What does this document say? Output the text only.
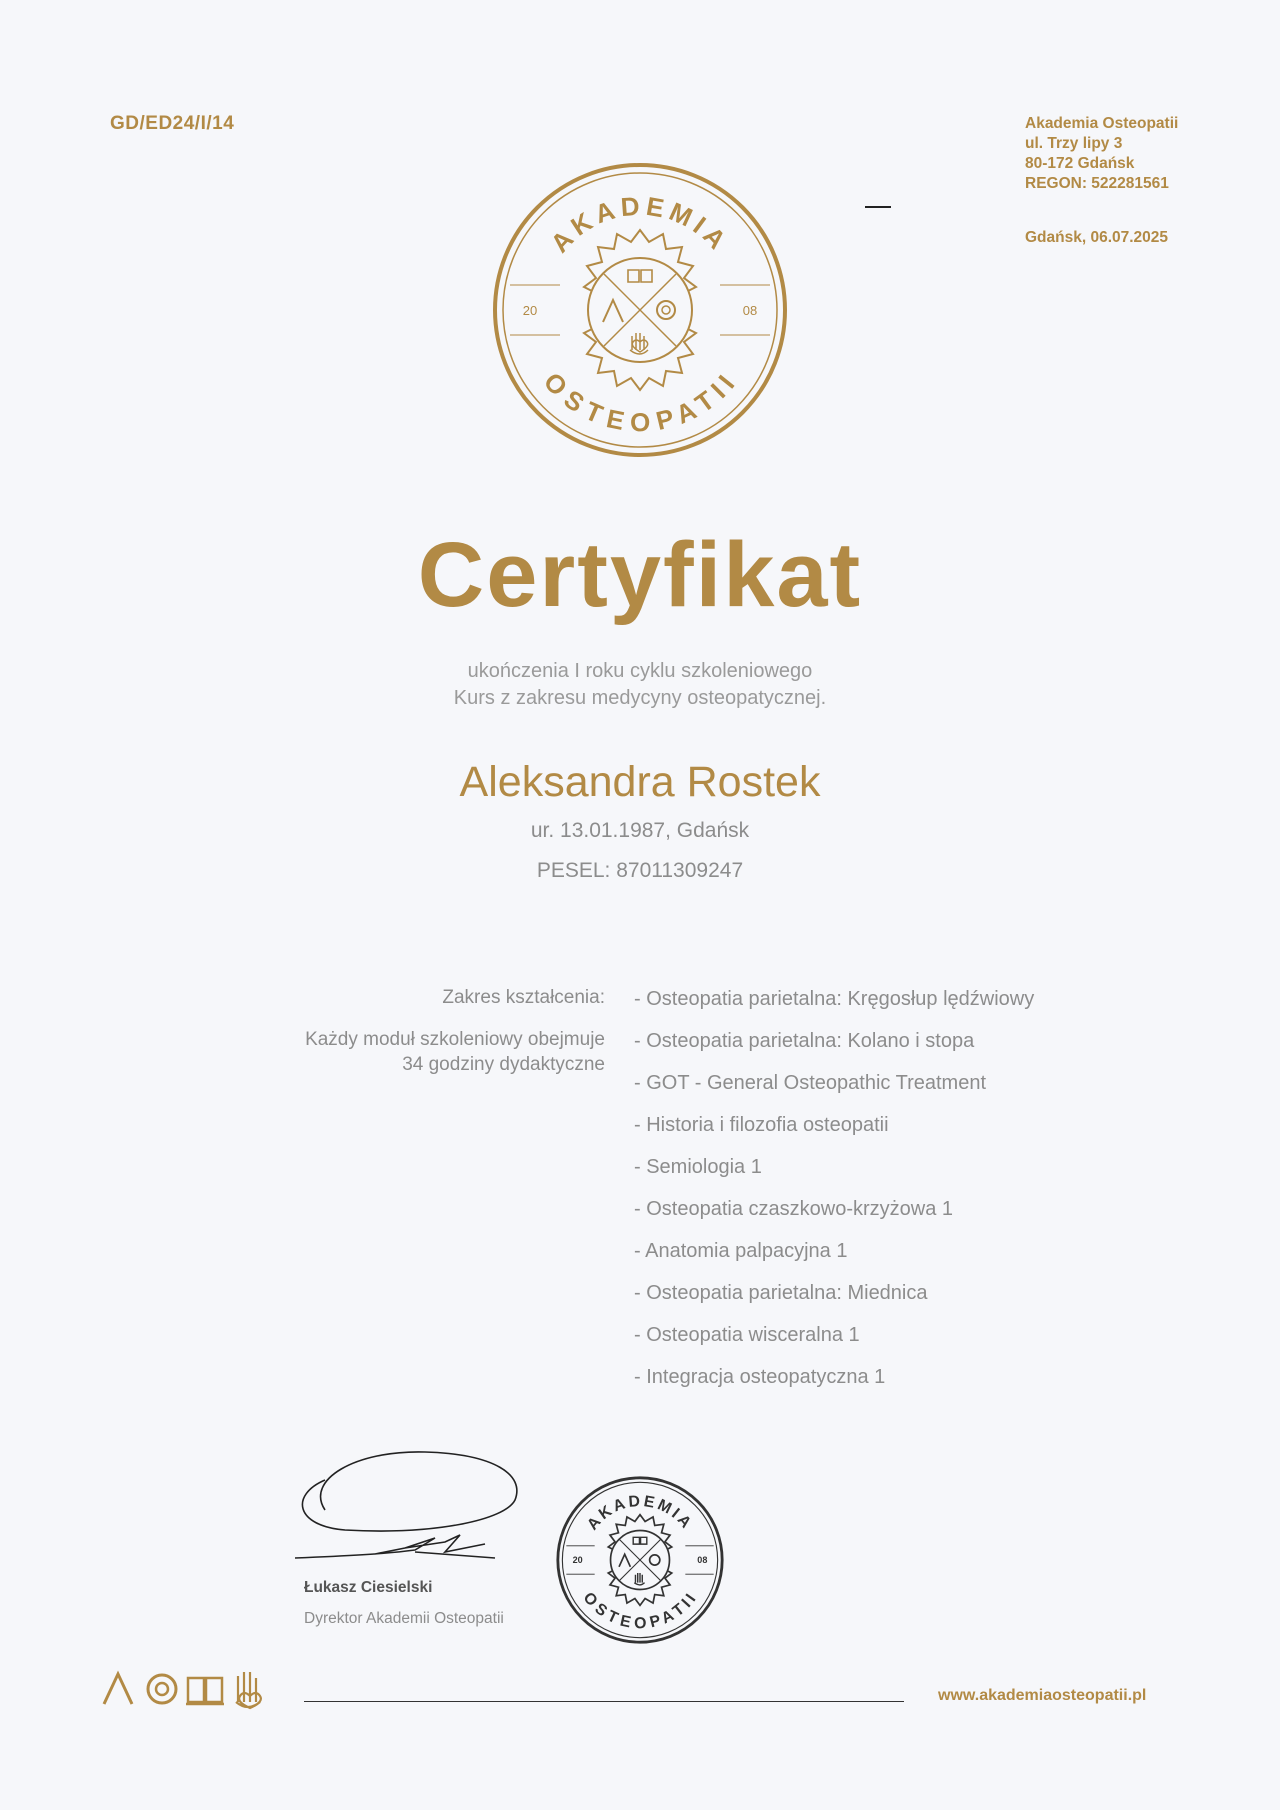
GD/ED24/I/14	Akademia Osteopatii
ul. Trzy lipy 3
80-172 Gdańsk
REGON: 522281561
Gdańsk, 06.07.2025
AKADEMIA
OSTEOPATII
20	08
Certyfikat
ukończenia I roku cyklu szkoleniowego
Kurs z zakresu medycyny osteopatycznej.
Aleksandra Rostek
ur. 13.01.1987, Gdańsk
PESEL: 87011309247
Zakres kształcenia:
Każdy moduł szkoleniowy obejmuje
34 godziny dydaktyczne
- Osteopatia parietalna: Kręgosłup lędźwiowy
- Osteopatia parietalna: Kolano i stopa
- GOT - General Osteopathic Treatment
- Historia i filozofia osteopatii
- Semiologia 1
- Osteopatia czaszkowo-krzyżowa 1
- Anatomia palpacyjna 1
- Osteopatia parietalna: Miednica
- Osteopatia wisceralna 1
- Integracja osteopatyczna 1
AKADEMIA
OSTEOPATII
20	08
Łukasz Ciesielski
Dyrektor Akademii Osteopatii
www.akademiaosteopatii.pl
